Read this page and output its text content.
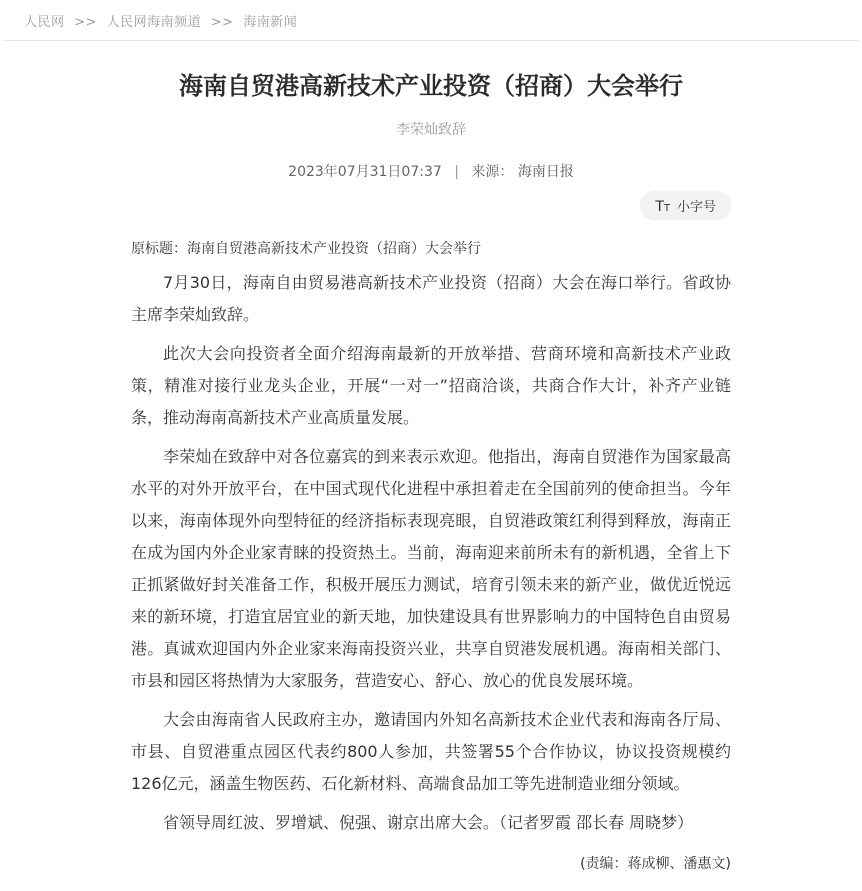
人民网 >> 人民网海南频道 >> 海南新闻
海南自贸港高新技术产业投资（招商）大会举行
李荣灿致辞
2023年07月31日07:37 | 来源： 海南日报
TT 小字号
原标题：海南自贸港高新技术产业投资（招商）大会举行

7月30日，海南自由贸易港高新技术产业投资（招商）大会在海口举行。省政协主席李荣灿致辞。

此次大会向投资者全面介绍海南最新的开放举措、营商环境和高新技术产业政策，精准对接行业龙头企业，开展“一对一”招商洽谈，共商合作大计，补齐产业链条，推动海南高新技术产业高质量发展。

李荣灿在致辞中对各位嘉宾的到来表示欢迎。他指出，海南自贸港作为国家最高水平的对外开放平台，在中国式现代化进程中承担着走在全国前列的使命担当。今年以来，海南体现外向型特征的经济指标表现亮眼，自贸港政策红利得到释放，海南正在成为国内外企业家青睐的投资热土。当前，海南迎来前所未有的新机遇，全省上下正抓紧做好封关准备工作，积极开展压力测试，培育引领未来的新产业，做优近悦远来的新环境，打造宜居宜业的新天地，加快建设具有世界影响力的中国特色自由贸易港。真诚欢迎国内外企业家来海南投资兴业，共享自贸港发展机遇。海南相关部门、市县和园区将热情为大家服务，营造安心、舒心、放心的优良发展环境。

大会由海南省人民政府主办，邀请国内外知名高新技术企业代表和海南各厅局、市县、自贸港重点园区代表约800人参加，共签署55个合作协议，协议投资规模约126亿元，涵盖生物医药、石化新材料、高端食品加工等先进制造业细分领域。

省领导周红波、罗增斌、倪强、谢京出席大会。（记者罗霞 邵长春 周晓梦）

(责编：蒋成柳、潘惠文)
